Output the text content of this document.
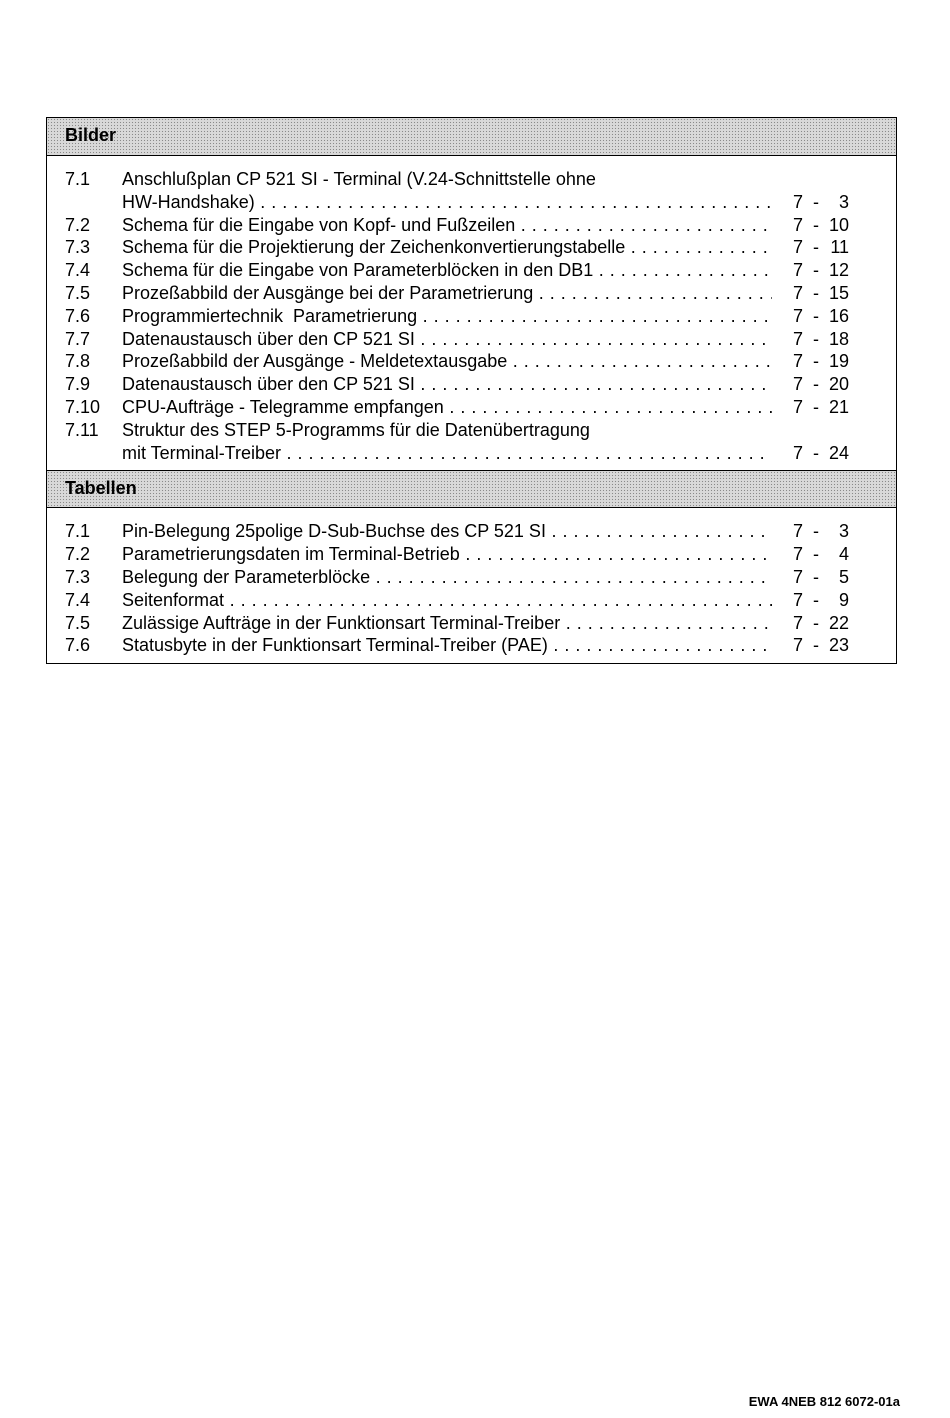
Bilder
7.1 Anschlußplan CP 521 SI - Terminal (V.24-Schnittstelle ohne
HW-Handshake) . . .	7 - 3
7.2 Schema für die Eingabe von Kopf- und Fußzeilen . . .	7 - 10
7.3 Schema für die Projektierung der Zeichenkonvertierungstabelle . . .	7 - 11
7.4 Schema für die Eingabe von Parameterblöcken in den DB1 . . .	7 - 12
7.5 Prozeßabbild der Ausgänge bei der Parametrierung . . .	7 - 15
7.6 Programmiertechnik  Parametrierung . . .	7 - 16
7.7 Datenaustausch über den CP 521 SI . . .	7 - 18
7.8 Prozeßabbild der Ausgänge - Meldetextausgabe . . .	7 - 19
7.9 Datenaustausch über den CP 521 SI . . .	7 - 20
7.10 CPU-Aufträge - Telegramme empfangen . . .	7 - 21
7.11 Struktur des STEP 5-Programms für die Datenübertragung
mit Terminal-Treiber . . .	7 - 24
Tabellen
7.1 Pin-Belegung 25polige D-Sub-Buchse des CP 521 SI . . .	7 - 3
7.2 Parametrierungsdaten im Terminal-Betrieb . . .	7 - 4
7.3 Belegung der Parameterblöcke . . .	7 - 5
7.4 Seitenformat . . .	7 - 9
7.5 Zulässige Aufträge in der Funktionsart Terminal-Treiber . . .	7 - 22
7.6 Statusbyte in der Funktionsart Terminal-Treiber (PAE) . . .	7 - 23
EWA 4NEB 812 6072-01a
